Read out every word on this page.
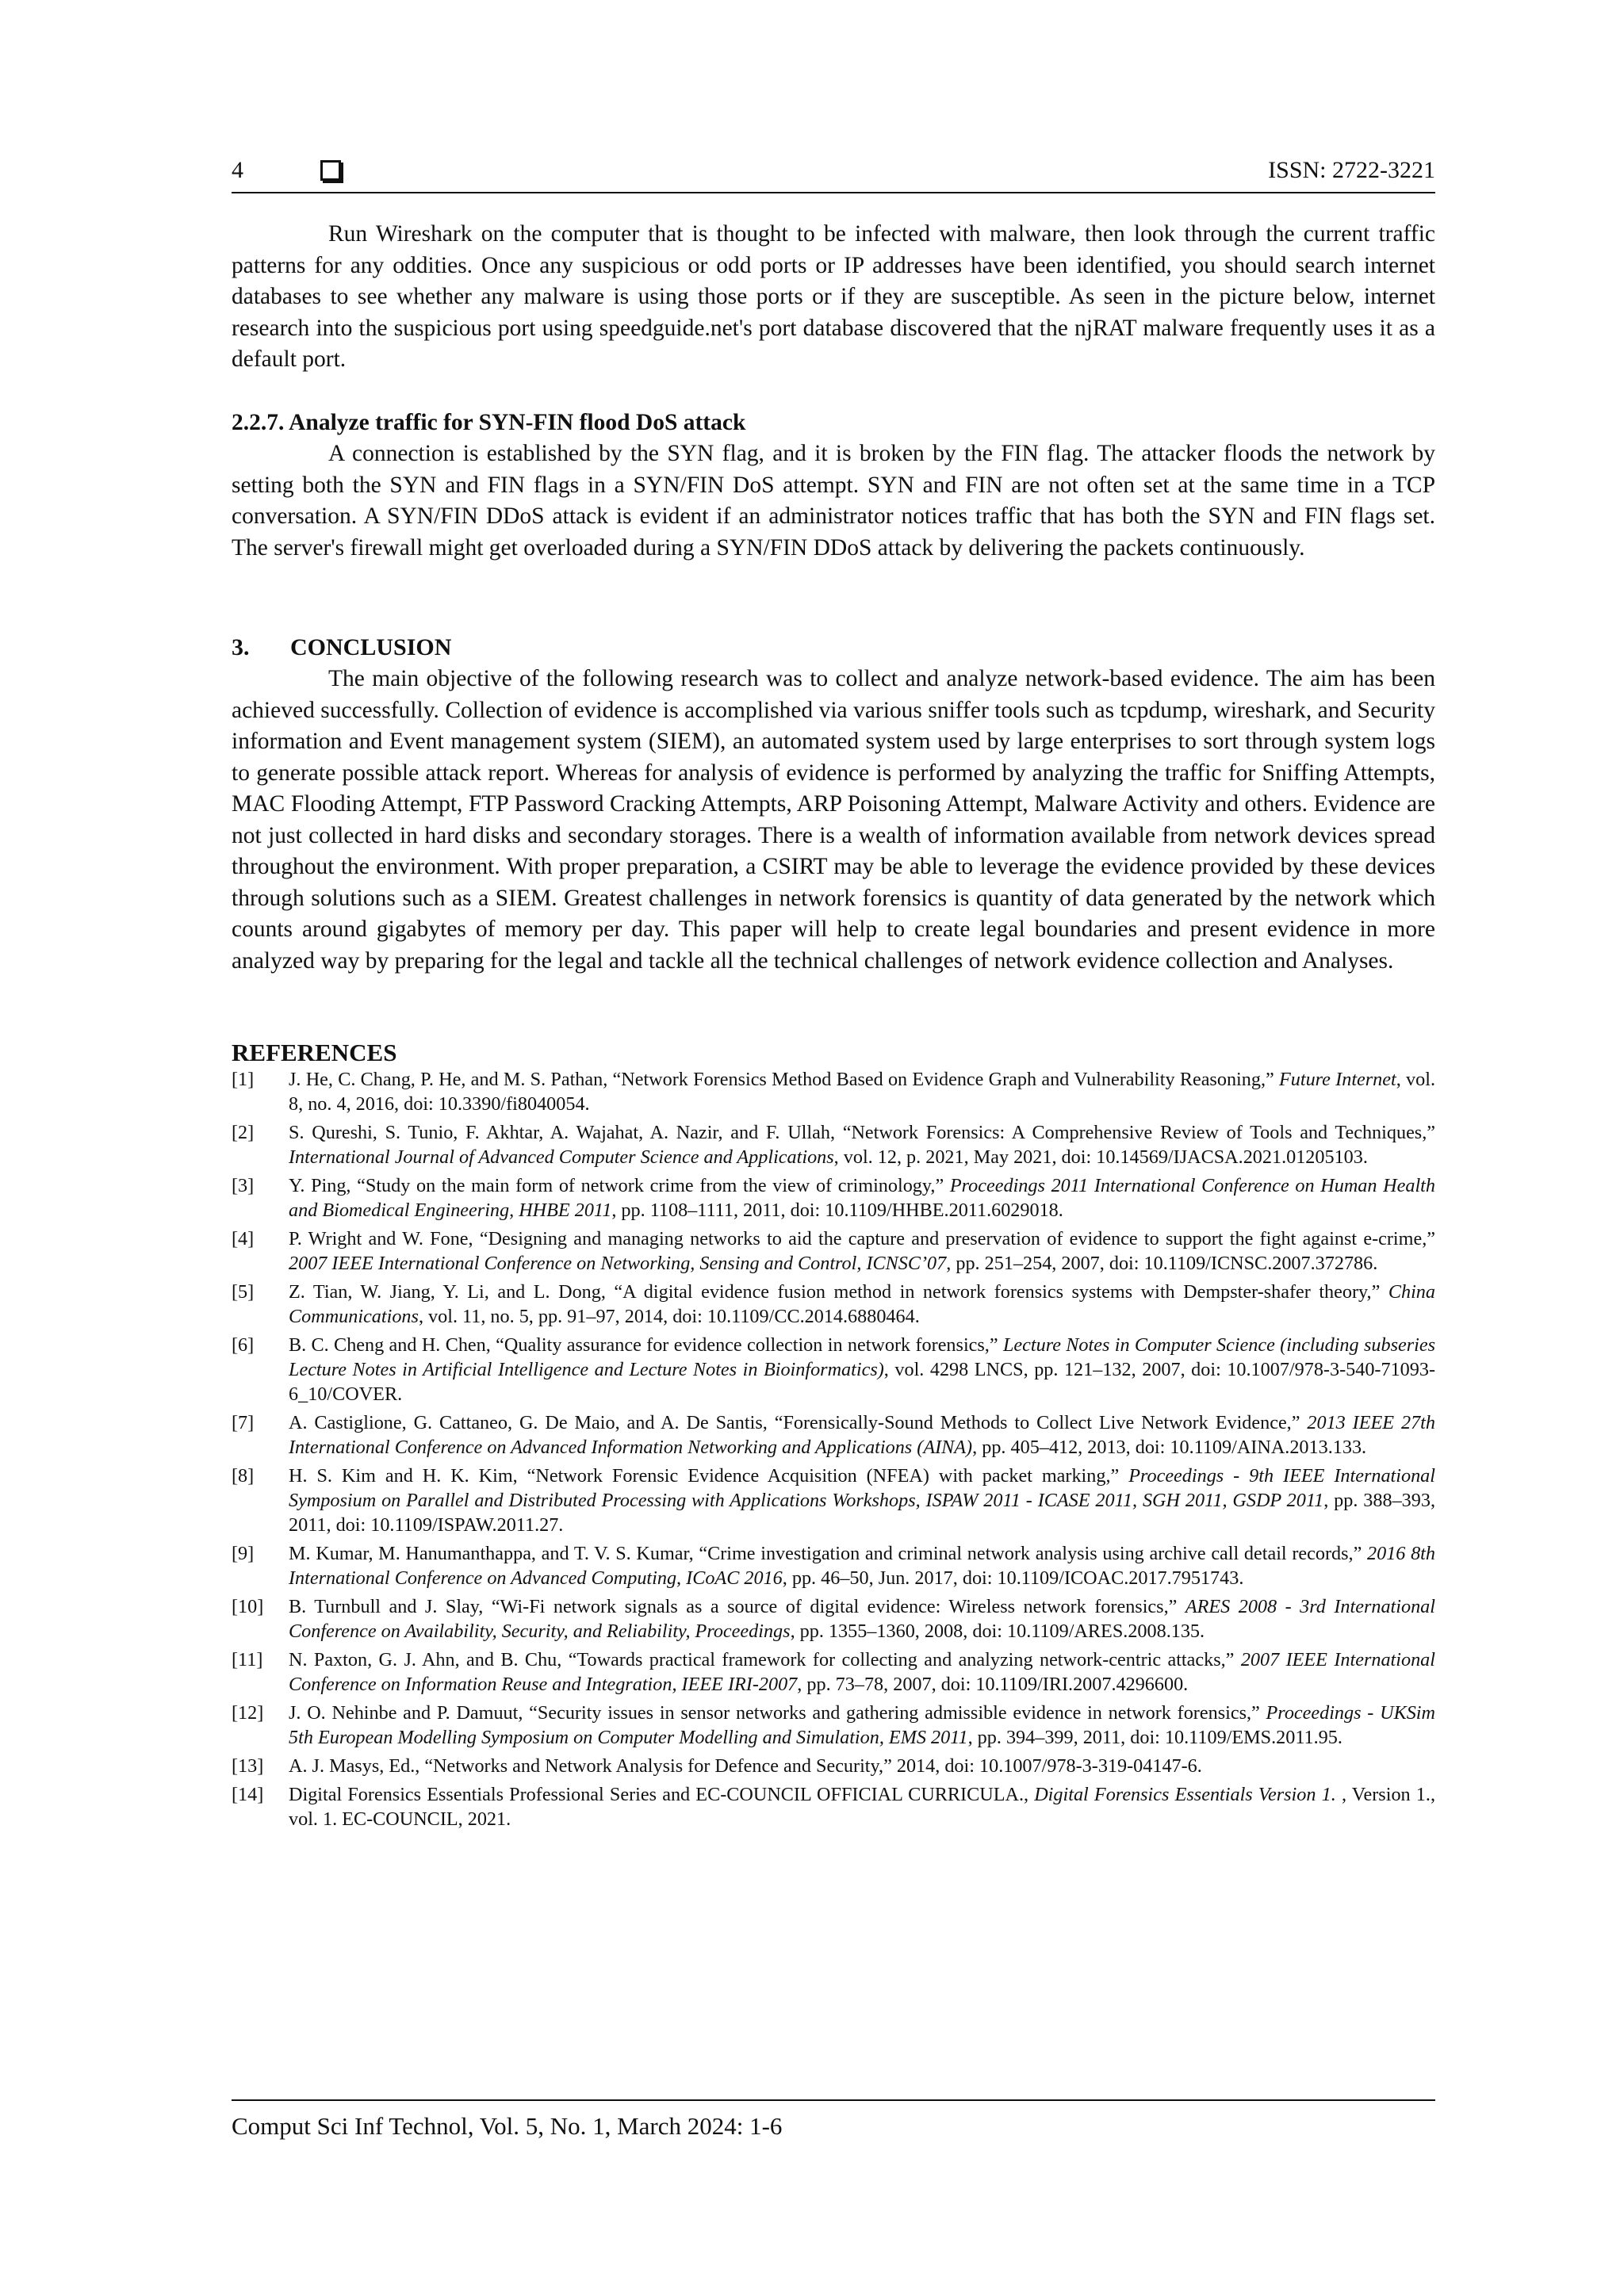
4	ISSN: 2722-3221

Run Wireshark on the computer that is thought to be infected with malware, then look through the current traffic patterns for any oddities. Once any suspicious or odd ports or IP addresses have been identified, you should search internet databases to see whether any malware is using those ports or if they are susceptible. As seen in the picture below, internet research into the suspicious port using speedguide.net's port database discovered that the njRAT malware frequently uses it as a default port.

2.2.7. Analyze traffic for SYN-FIN flood DoS attack

A connection is established by the SYN flag, and it is broken by the FIN flag. The attacker floods the network by setting both the SYN and FIN flags in a SYN/FIN DoS attempt. SYN and FIN are not often set at the same time in a TCP conversation. A SYN/FIN DDoS attack is evident if an administrator notices traffic that has both the SYN and FIN flags set. The server's firewall might get overloaded during a SYN/FIN DDoS attack by delivering the packets continuously.

3. CONCLUSION

The main objective of the following research was to collect and analyze network-based evidence. The aim has been achieved successfully. Collection of evidence is accomplished via various sniffer tools such as tcpdump, wireshark, and Security information and Event management system (SIEM), an automated system used by large enterprises to sort through system logs to generate possible attack report. Whereas for analysis of evidence is performed by analyzing the traffic for Sniffing Attempts, MAC Flooding Attempt, FTP Password Cracking Attempts, ARP Poisoning Attempt, Malware Activity and others. Evidence are not just collected in hard disks and secondary storages. There is a wealth of information available from network devices spread throughout the environment. With proper preparation, a CSIRT may be able to leverage the evidence provided by these devices through solutions such as a SIEM. Greatest challenges in network forensics is quantity of data generated by the network which counts around gigabytes of memory per day. This paper will help to create legal boundaries and present evidence in more analyzed way by preparing for the legal and tackle all the technical challenges of network evidence collection and Analyses.

REFERENCES
[1] J. He, C. Chang, P. He, and M. S. Pathan, “Network Forensics Method Based on Evidence Graph and Vulnerability Reasoning,” Future Internet, vol. 8, no. 4, 2016, doi: 10.3390/fi8040054.
[2] S. Qureshi, S. Tunio, F. Akhtar, A. Wajahat, A. Nazir, and F. Ullah, “Network Forensics: A Comprehensive Review of Tools and Techniques,” International Journal of Advanced Computer Science and Applications, vol. 12, p. 2021, May 2021, doi: 10.14569/IJACSA.2021.01205103.
[3] Y. Ping, “Study on the main form of network crime from the view of criminology,” Proceedings 2011 International Conference on Human Health and Biomedical Engineering, HHBE 2011, pp. 1108–1111, 2011, doi: 10.1109/HHBE.2011.6029018.
[4] P. Wright and W. Fone, “Designing and managing networks to aid the capture and preservation of evidence to support the fight against e-crime,” 2007 IEEE International Conference on Networking, Sensing and Control, ICNSC’07, pp. 251–254, 2007, doi: 10.1109/ICNSC.2007.372786.
[5] Z. Tian, W. Jiang, Y. Li, and L. Dong, “A digital evidence fusion method in network forensics systems with Dempster-shafer theory,” China Communications, vol. 11, no. 5, pp. 91–97, 2014, doi: 10.1109/CC.2014.6880464.
[6] B. C. Cheng and H. Chen, “Quality assurance for evidence collection in network forensics,” Lecture Notes in Computer Science (including subseries Lecture Notes in Artificial Intelligence and Lecture Notes in Bioinformatics), vol. 4298 LNCS, pp. 121–132, 2007, doi: 10.1007/978-3-540-71093-6_10/COVER.
[7] A. Castiglione, G. Cattaneo, G. De Maio, and A. De Santis, “Forensically-Sound Methods to Collect Live Network Evidence,” 2013 IEEE 27th International Conference on Advanced Information Networking and Applications (AINA), pp. 405–412, 2013, doi: 10.1109/AINA.2013.133.
[8] H. S. Kim and H. K. Kim, “Network Forensic Evidence Acquisition (NFEA) with packet marking,” Proceedings - 9th IEEE International Symposium on Parallel and Distributed Processing with Applications Workshops, ISPAW 2011 - ICASE 2011, SGH 2011, GSDP 2011, pp. 388–393, 2011, doi: 10.1109/ISPAW.2011.27.
[9] M. Kumar, M. Hanumanthappa, and T. V. S. Kumar, “Crime investigation and criminal network analysis using archive call detail records,” 2016 8th International Conference on Advanced Computing, ICoAC 2016, pp. 46–50, Jun. 2017, doi: 10.1109/ICOAC.2017.7951743.
[10] B. Turnbull and J. Slay, “Wi-Fi network signals as a source of digital evidence: Wireless network forensics,” ARES 2008 - 3rd International Conference on Availability, Security, and Reliability, Proceedings, pp. 1355–1360, 2008, doi: 10.1109/ARES.2008.135.
[11] N. Paxton, G. J. Ahn, and B. Chu, “Towards practical framework for collecting and analyzing network-centric attacks,” 2007 IEEE International Conference on Information Reuse and Integration, IEEE IRI-2007, pp. 73–78, 2007, doi: 10.1109/IRI.2007.4296600.
[12] J. O. Nehinbe and P. Damuut, “Security issues in sensor networks and gathering admissible evidence in network forensics,” Proceedings - UKSim 5th European Modelling Symposium on Computer Modelling and Simulation, EMS 2011, pp. 394–399, 2011, doi: 10.1109/EMS.2011.95.
[13] A. J. Masys, Ed., “Networks and Network Analysis for Defence and Security,” 2014, doi: 10.1007/978-3-319-04147-6.
[14] Digital Forensics Essentials Professional Series and EC-COUNCIL OFFICIAL CURRICULA., Digital Forensics Essentials Version 1. , Version 1., vol. 1. EC-COUNCIL, 2021.
Comput Sci Inf Technol, Vol. 5, No. 1, March 2024: 1-6
